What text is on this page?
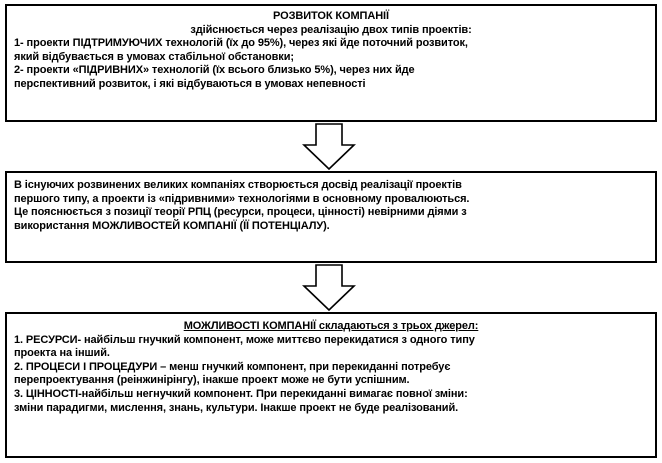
РОЗВИТОК КОМПАНІЇ
здійснюється через реалізацію двох типів проектів:
1- проекти ПІДТРИМУЮЧИХ технологій (їх до 95%), через які йде поточний розвиток,
який відбувається в умовах стабільної обстановки;
2- проекти «ПІДРИВНИХ» технологій (їх всього близько 5%), через них йде
перспективний розвиток, і які відбуваються в умовах непевності
В існуючих розвинених великих компаніях створюється досвід реалізації проектів
першого типу, а проекти із «підривними» технологіями в основному провалюються.
Це пояснюється з позиції теорії РПЦ (ресурси, процеси, цінності) невірними діями з
використання МОЖЛИВОСТЕЙ КОМПАНІЇ (ЇЇ ПОТЕНЦІАЛУ).
МОЖЛИВОСТІ КОМПАНІЇ складаються з трьох джерел:
1. РЕСУРСИ- найбільш гнучкий компонент, може миттєво перекидатися з одного типу
проекта на інший.
2. ПРОЦЕСИ І ПРОЦЕДУРИ – менш гнучкий компонент, при перекиданні потребує
перепроектування (реінжинірінгу), інакше проект може не бути успішним.
3. ЦІННОСТІ-найбільш негнучкий компонент. При перекиданні вимагає повної зміни:
зміни парадигми, мислення, знань, культури. Інакше проект не буде реалізований.
